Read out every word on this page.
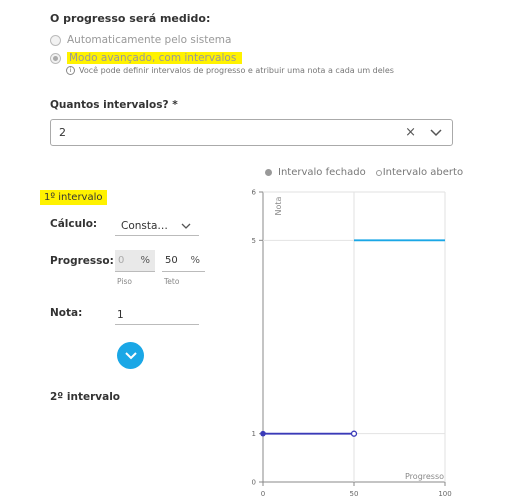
O progresso será medido:
Automaticamente pelo sistema
Modo avançado, com intervalos
i Você pode definir intervalos de progresso e atribuir uma nota a cada um deles
Quantos intervalos? *
2	×
1º intervalo
Cálculo: Consta…
Progresso: 0	%
Piso
50	%
Teto
Nota:	1
2º intervalo
Intervalo fechado Intervalo aberto
0
1
5
6
0	50	100
Nota
Progresso
